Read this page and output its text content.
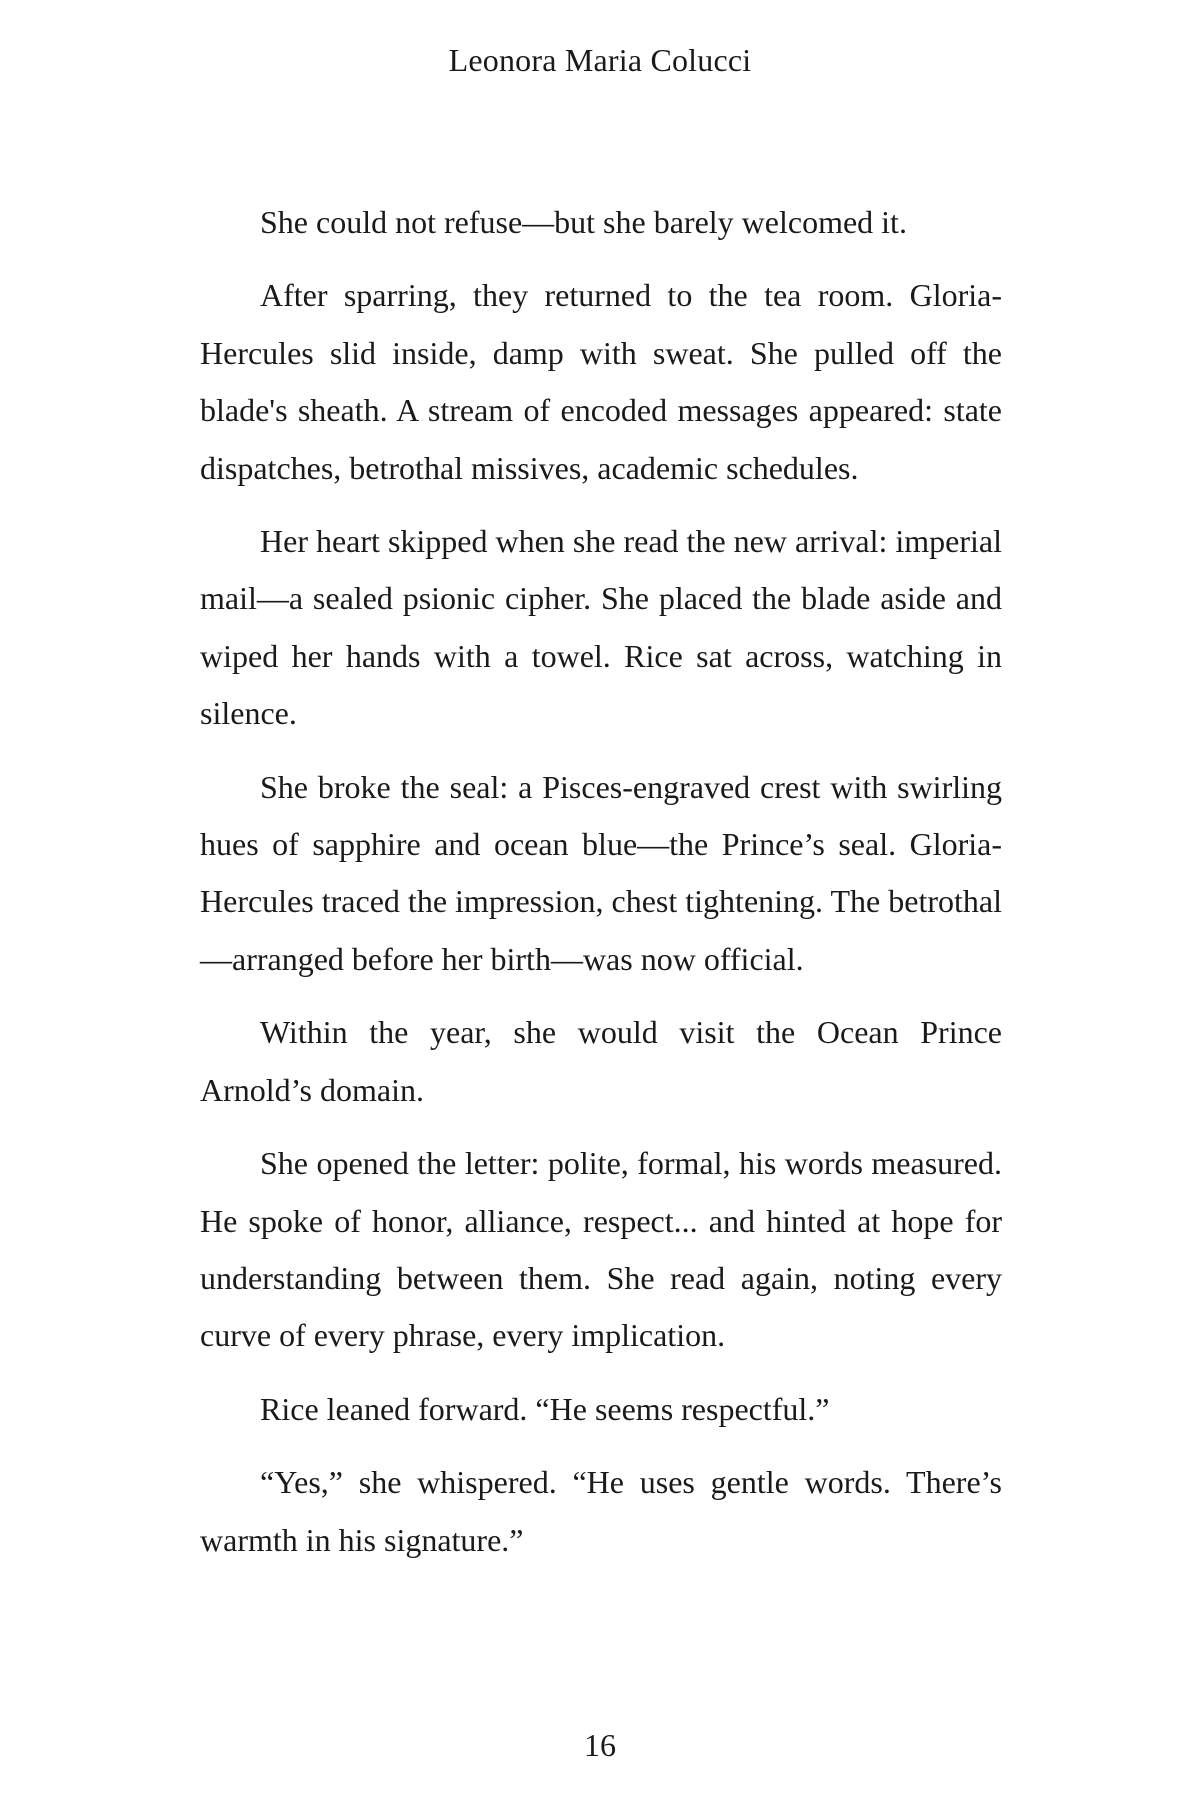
Leonora Maria Colucci

She could not refuse—but she barely welcomed it.

After sparring, they returned to the tea room. Gloria-Hercules slid inside, damp with sweat. She pulled off the blade's sheath. A stream of encoded messages appeared: state dispatches, betrothal missives, academic schedules.

Her heart skipped when she read the new arrival: imperial mail—a sealed psionic cipher. She placed the blade aside and wiped her hands with a towel. Rice sat across, watching in silence.

She broke the seal: a Pisces-engraved crest with swirling hues of sapphire and ocean blue—the Prince’s seal. Gloria-Hercules traced the impression, chest tightening. The betrothal—arranged before her birth—was now official.

Within the year, she would visit the Ocean Prince Arnold’s domain.

She opened the letter: polite, formal, his words measured. He spoke of honor, alliance, respect... and hinted at hope for understanding between them. She read again, noting every curve of every phrase, every implication.

Rice leaned forward. “He seems respectful.”

“Yes,” she whispered. “He uses gentle words. There’s warmth in his signature.”

16
